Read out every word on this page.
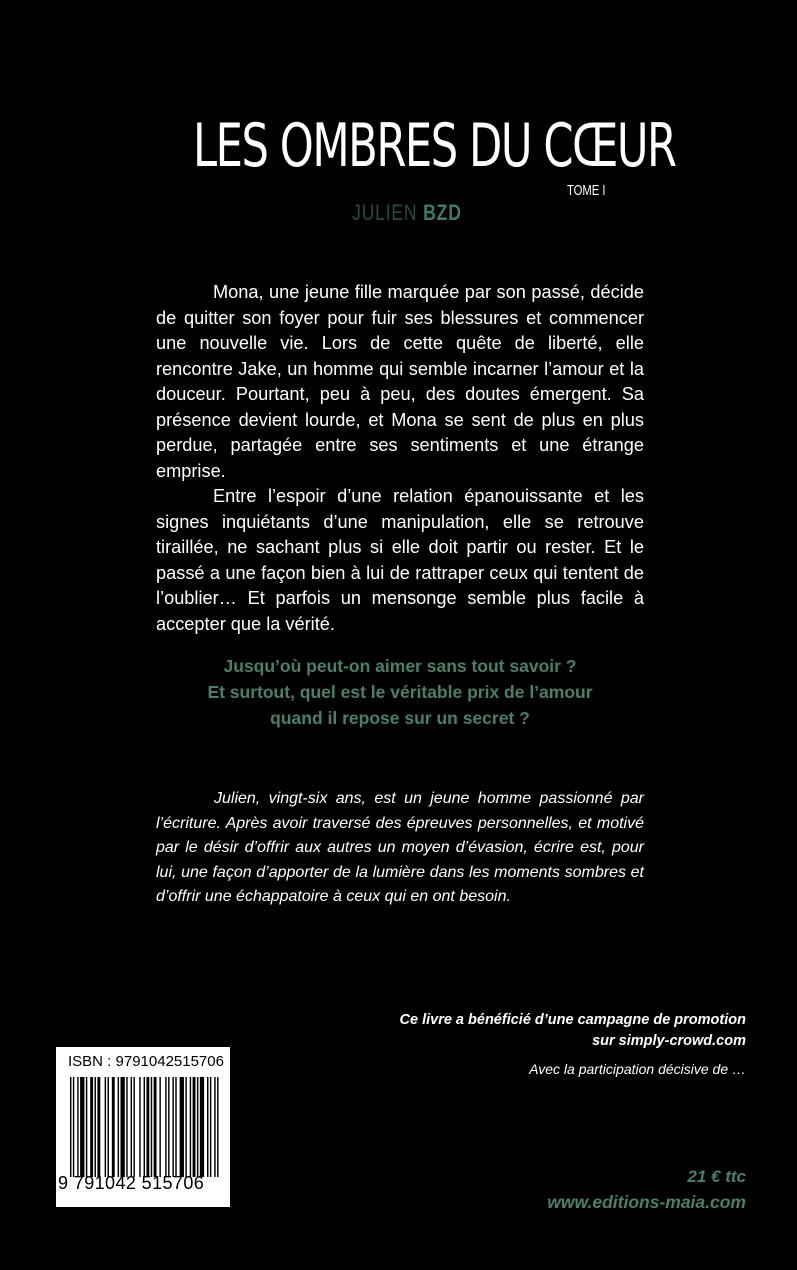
LES OMBRES DU CŒUR
TOME I
JULIEN BZD

Mona, une jeune fille marquée par son passé, décide de quitter son foyer pour fuir ses blessures et commencer une nouvelle vie. Lors de cette quête de liberté, elle rencontre Jake, un homme qui semble incarner l’amour et la douceur. Pourtant, peu à peu, des doutes émergent. Sa présence devient lourde, et Mona se sent de plus en plus perdue, partagée entre ses sentiments et une étrange emprise.

Entre l’espoir d’une relation épanouissante et les signes inquiétants d’une manipulation, elle se retrouve tiraillée, ne sachant plus si elle doit partir ou rester. Et le passé a une façon bien à lui de rattraper ceux qui tentent de l’oublier… Et parfois un mensonge semble plus facile à accepter que la vérité.

Jusqu’où peut-on aimer sans tout savoir ?
Et surtout, quel est le véritable prix de l’amour
quand il repose sur un secret ?

Julien, vingt-six ans, est un jeune homme passionné par l’écriture. Après avoir traversé des épreuves personnelles, et motivé par le désir d’offrir aux autres un moyen d’évasion, écrire est, pour lui, une façon d’apporter de la lumière dans les moments sombres et d’offrir une échappatoire à ceux qui en ont besoin.

Ce livre a bénéficié d’une campagne de promotion
sur simply-crowd.com
Avec la participation décisive de …
21 € ttc
www.editions-maia.com
ISBN : 9791042515706
9 791042 515706
